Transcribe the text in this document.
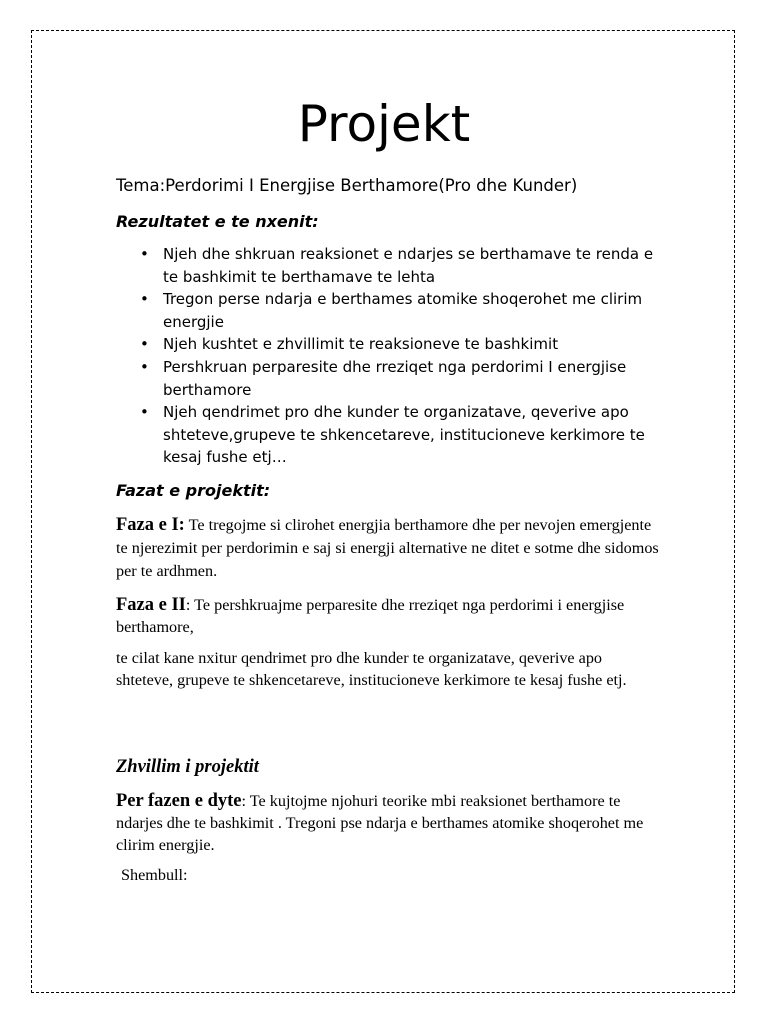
Projekt
Tema:Perdorimi I Energjise Berthamore(Pro dhe Kunder)
Rezultatet e te nxenit:
• Njeh dhe shkruan reaksionet e ndarjes se berthamave te renda e te bashkimit te berthamave te lehta
• Tregon perse ndarja e berthames atomike shoqerohet me clirim energjie
• Njeh kushtet e zhvillimit te reaksioneve te bashkimit
• Pershkruan perparesite dhe rreziqet nga perdorimi I energjise berthamore
• Njeh qendrimet pro dhe kunder te organizatave, qeverive apo shteteve,grupeve te shkencetareve, institucioneve kerkimore te kesaj fushe etj…
Fazat e projektit:
Faza e I: Te tregojme si clirohet energjia berthamore dhe per nevojen emergjente te njerezimit per perdorimin e saj si energji alternative ne ditet e sotme dhe sidomos per te ardhmen.
Faza e II: Te pershkruajme perparesite dhe rreziqet nga perdorimi i energjise berthamore,
te cilat kane nxitur qendrimet pro dhe kunder te organizatave, qeverive apo shteteve, grupeve te shkencetareve, institucioneve kerkimore te kesaj fushe etj.
Zhvillim i projektit
Per fazen e dyte: Te kujtojme njohuri teorike mbi reaksionet berthamore te ndarjes dhe te bashkimit . Tregoni pse ndarja e berthames atomike shoqerohet me clirim energjie.
Shembull:
